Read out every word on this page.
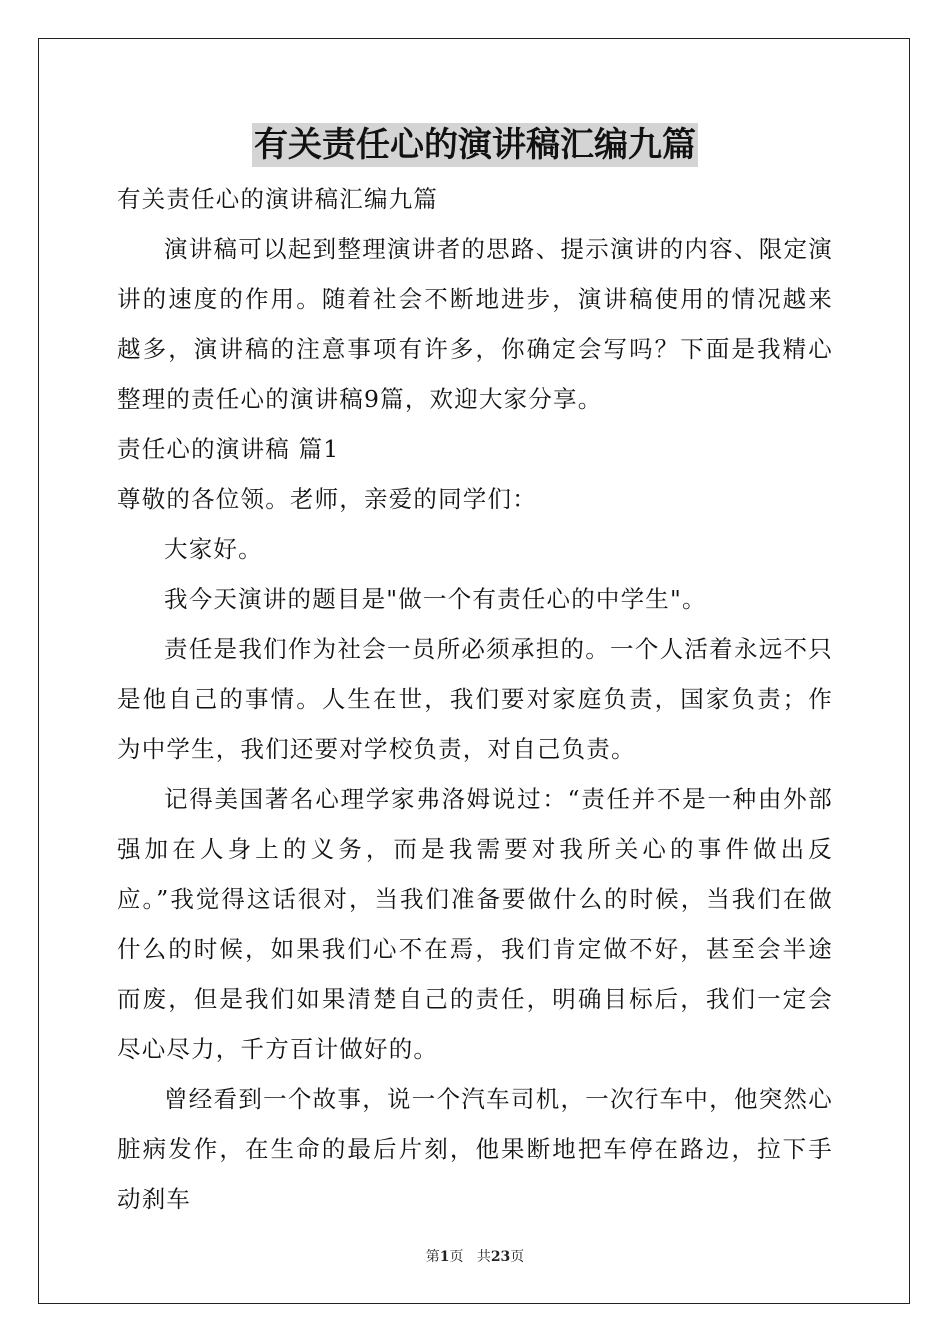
有关责任心的演讲稿汇编九篇

有关责任心的演讲稿汇编九篇

演讲稿可以起到整理演讲者的思路、提示演讲的内容、限定演讲的速度的作用。随着社会不断地进步，演讲稿使用的情况越来越多，演讲稿的注意事项有许多，你确定会写吗？下面是我精心整理的责任心的演讲稿9篇，欢迎大家分享。

责任心的演讲稿 篇1

尊敬的各位领。老师，亲爱的同学们：

大家好。

我今天演讲的题目是"做一个有责任心的中学生"。

责任是我们作为社会一员所必须承担的。一个人活着永远不只是他自己的事情。人生在世，我们要对家庭负责，国家负责；作为中学生，我们还要对学校负责，对自己负责。

记得美国著名心理学家弗洛姆说过：“责任并不是一种由外部强加在人身上的义务，而是我需要对我所关心的事件做出反应。”我觉得这话很对，当我们准备要做什么的时候，当我们在做什么的时候，如果我们心不在焉，我们肯定做不好，甚至会半途而废，但是我们如果清楚自己的责任，明确目标后，我们一定会尽心尽力，千方百计做好的。

曾经看到一个故事，说一个汽车司机，一次行车中，他突然心脏病发作，在生命的最后片刻，他果断地把车停在路边，拉下手动刹车

第1页 共23页
